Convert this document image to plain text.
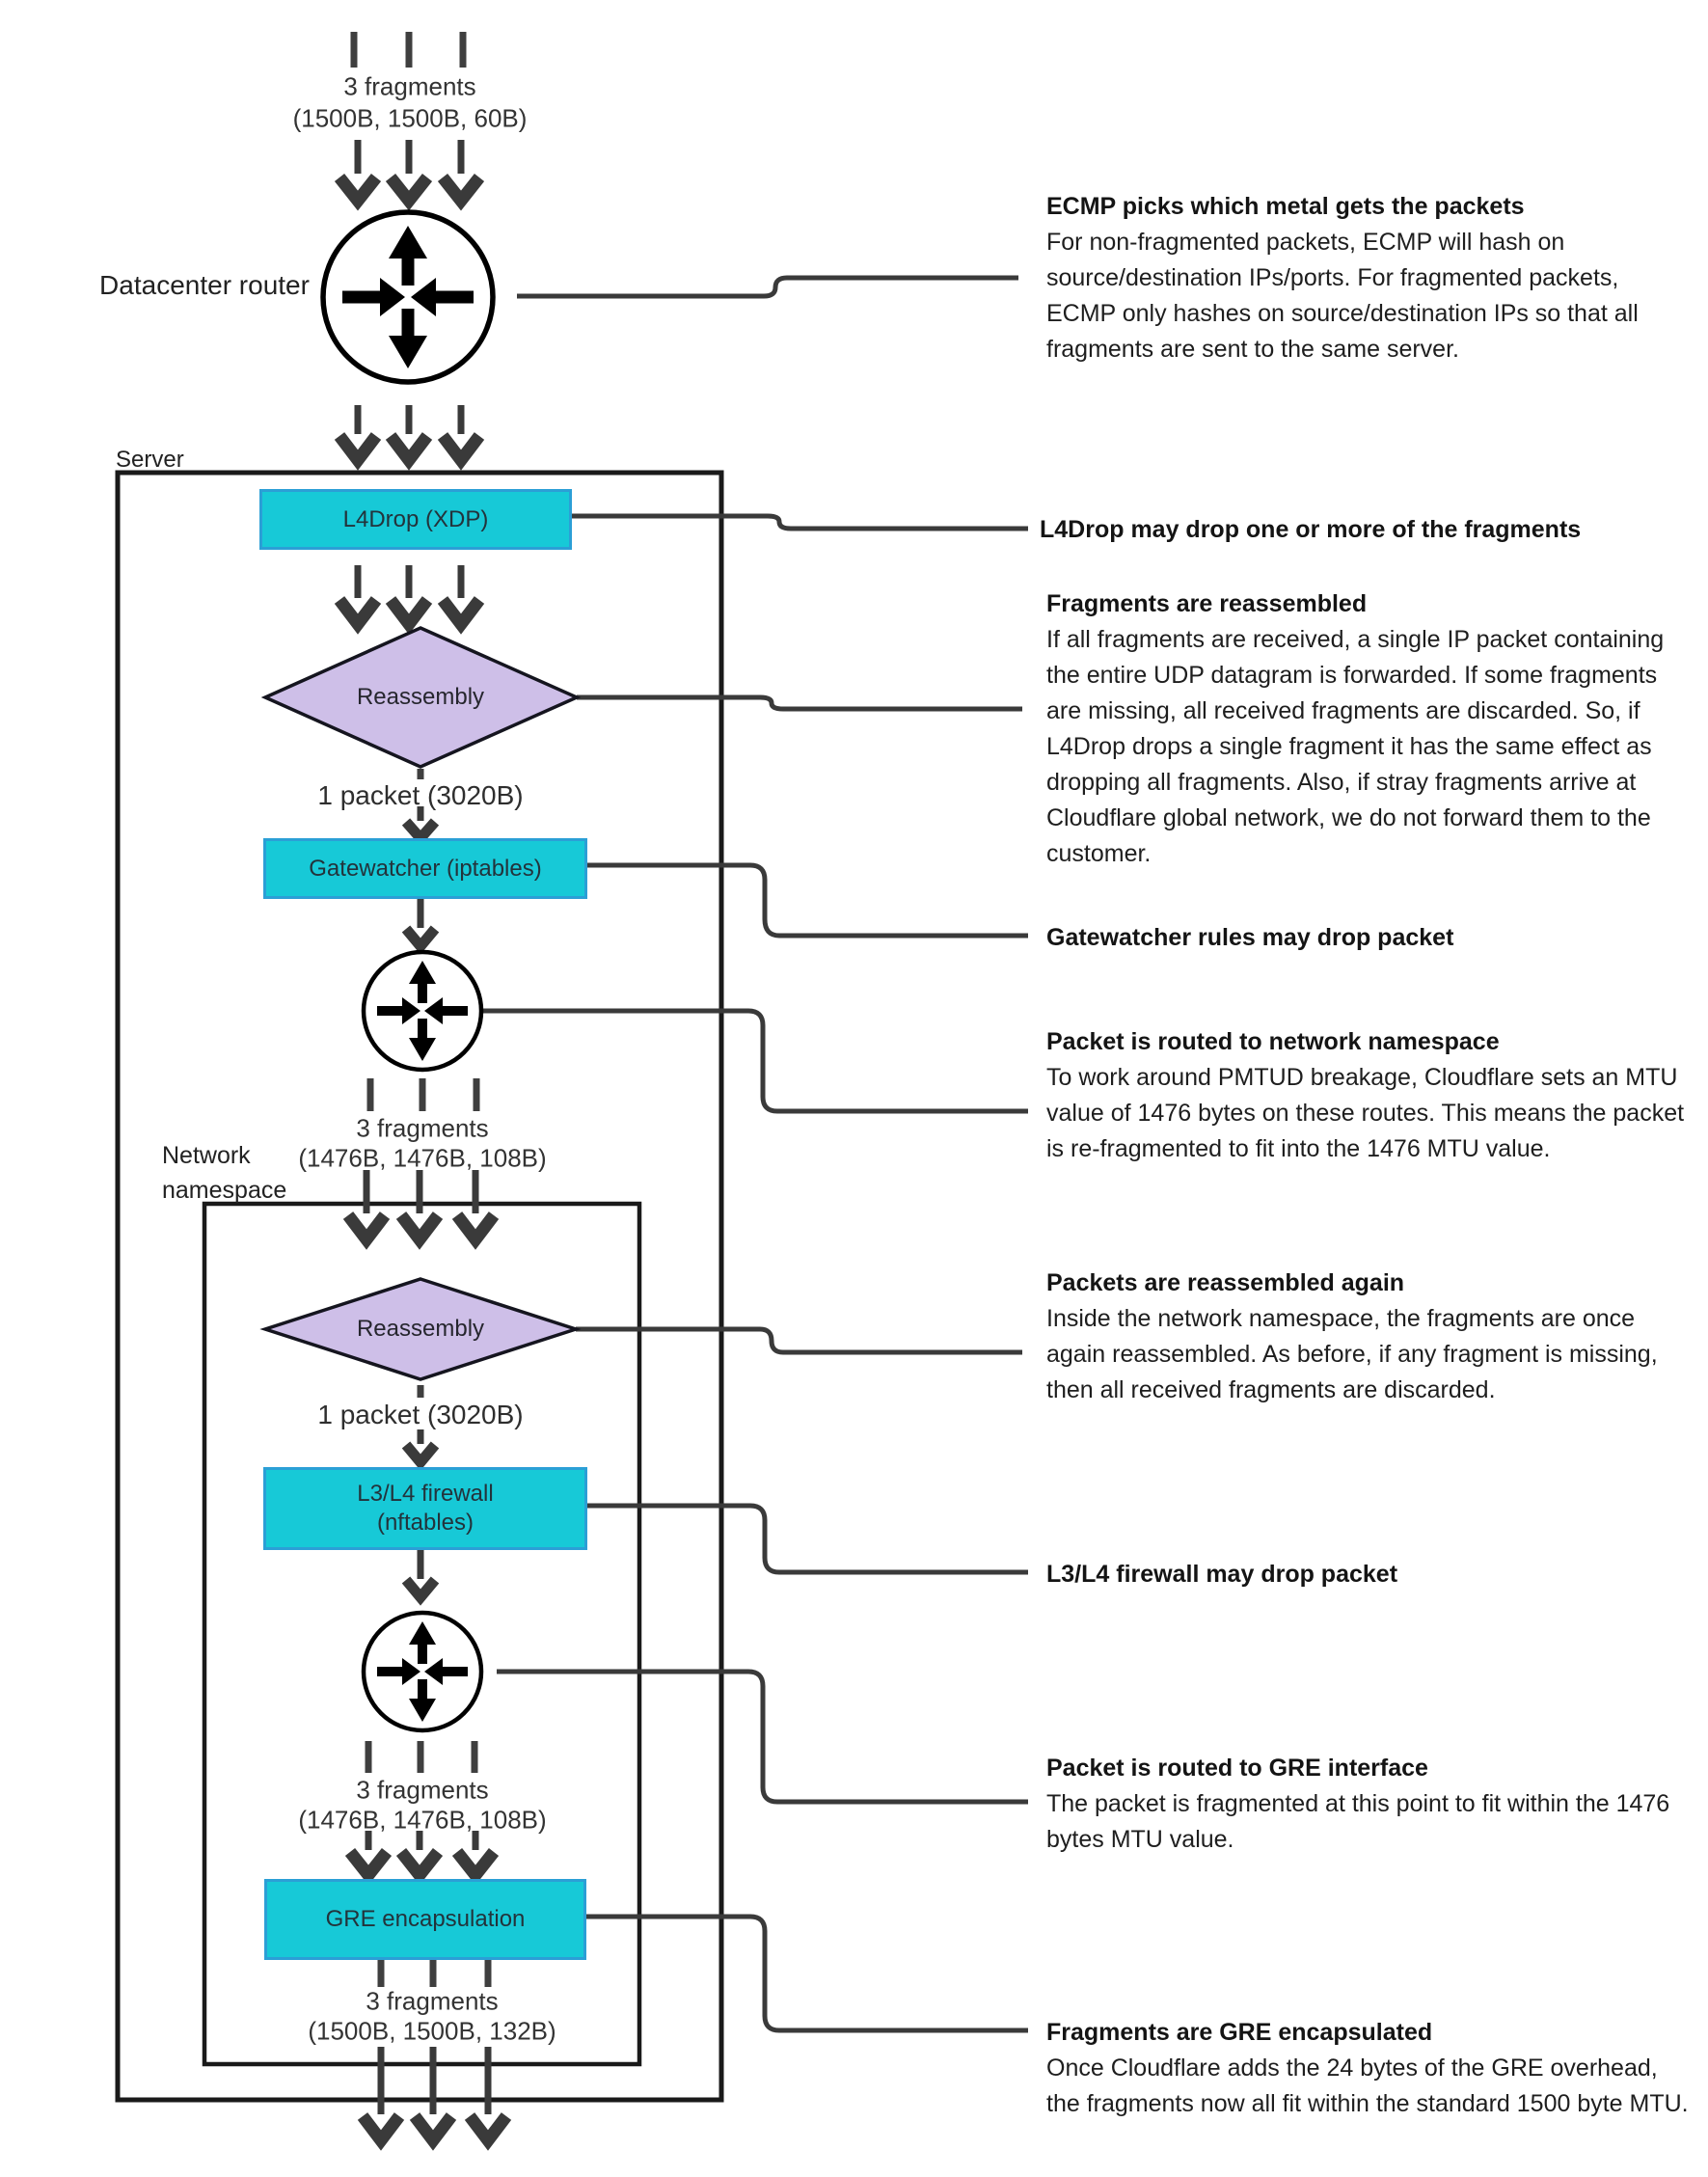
L4Drop (XDP)
Gatewatcher (iptables)
L3/L4 firewall
(nftables)
GRE encapsulation
Reassembly
Reassembly
3 fragments
(1500B, 1500B, 60B)
1 packet (3020B)
3 fragments
(1476B, 1476B, 108B)
1 packet (3020B)
3 fragments
(1476B, 1476B, 108B)
3 fragments
(1500B, 1500B, 132B)
Datacenter router
Server
Network namespace
ECMP picks which metal gets the packets
For non-fragmented packets, ECMP will hash on source/destination IPs/ports. For fragmented packets, ECMP only hashes on source/destination IPs so that all fragments are sent to the same server.
L4Drop may drop one or more of the fragments
Fragments are reassembled
If all fragments are received, a single IP packet containing the entire UDP datagram is forwarded. If some fragments are missing, all received fragments are discarded. So, if L4Drop drops a single fragment it has the same effect as dropping all fragments. Also, if stray fragments arrive at Cloudflare global network, we do not forward them to the customer.
Gatewatcher rules may drop packet
Packet is routed to network namespace
To work around PMTUD breakage, Cloudflare sets an MTU value of 1476 bytes on these routes. This means the packet is re-fragmented to fit into the 1476 MTU value.
Packets are reassembled again
Inside the network namespace, the fragments are once again reassembled. As before, if any fragment is missing, then all received fragments are discarded.
L3/L4 firewall may drop packet
Packet is routed to GRE interface
The packet is fragmented at this point to fit within the 1476 bytes MTU value.
Fragments are GRE encapsulated
Once Cloudflare adds the 24 bytes of the GRE overhead, the fragments now all fit within the standard 1500 byte MTU.
